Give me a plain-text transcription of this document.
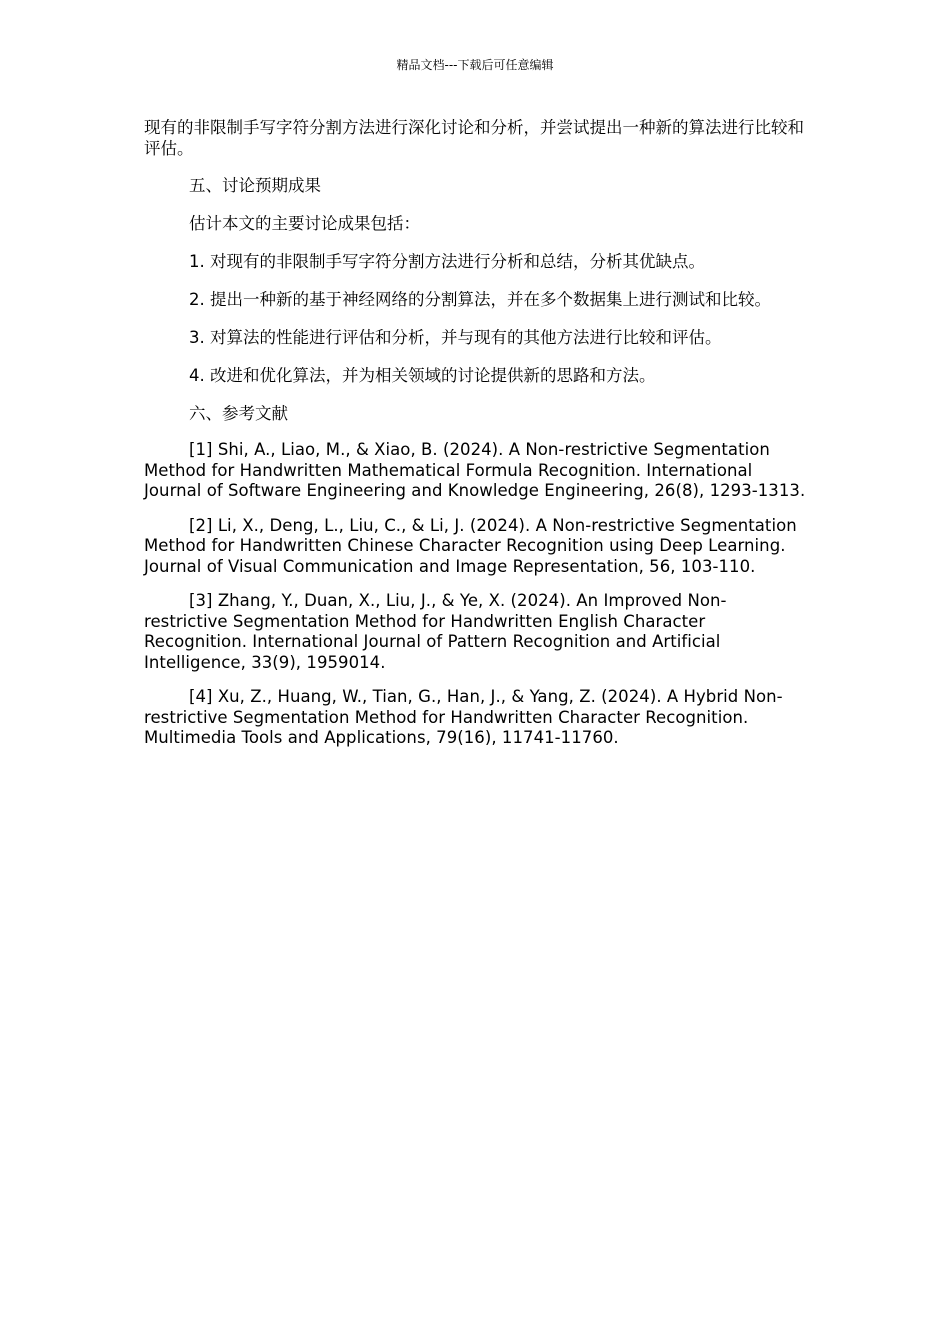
精品文档---下载后可任意编辑

现有的非限制手写字符分割方法进行深化讨论和分析，并尝试提出一种新的算法进行比较和评估。

五、讨论预期成果

估计本文的主要讨论成果包括：

1. 对现有的非限制手写字符分割方法进行分析和总结，分析其优缺点。

2. 提出一种新的基于神经网络的分割算法，并在多个数据集上进行测试和比较。

3. 对算法的性能进行评估和分析，并与现有的其他方法进行比较和评估。

4. 改进和优化算法，并为相关领域的讨论提供新的思路和方法。

六、参考文献

[1] Shi, A., Liao, M., & Xiao, B. (2024). A Non-restrictive Segmentation Method for Handwritten Mathematical Formula Recognition. International Journal of Software Engineering and Knowledge Engineering, 26(8), 1293-1313.

[2] Li, X., Deng, L., Liu, C., & Li, J. (2024). A Non-restrictive Segmentation Method for Handwritten Chinese Character Recognition using Deep Learning. Journal of Visual Communication and Image Representation, 56, 103-110.

[3] Zhang, Y., Duan, X., Liu, J., & Ye, X. (2024). An Improved Non-restrictive Segmentation Method for Handwritten English Character Recognition. International Journal of Pattern Recognition and Artificial Intelligence, 33(9), 1959014.

[4] Xu, Z., Huang, W., Tian, G., Han, J., & Yang, Z. (2024). A Hybrid Non-restrictive Segmentation Method for Handwritten Character Recognition. Multimedia Tools and Applications, 79(16), 11741-11760.
